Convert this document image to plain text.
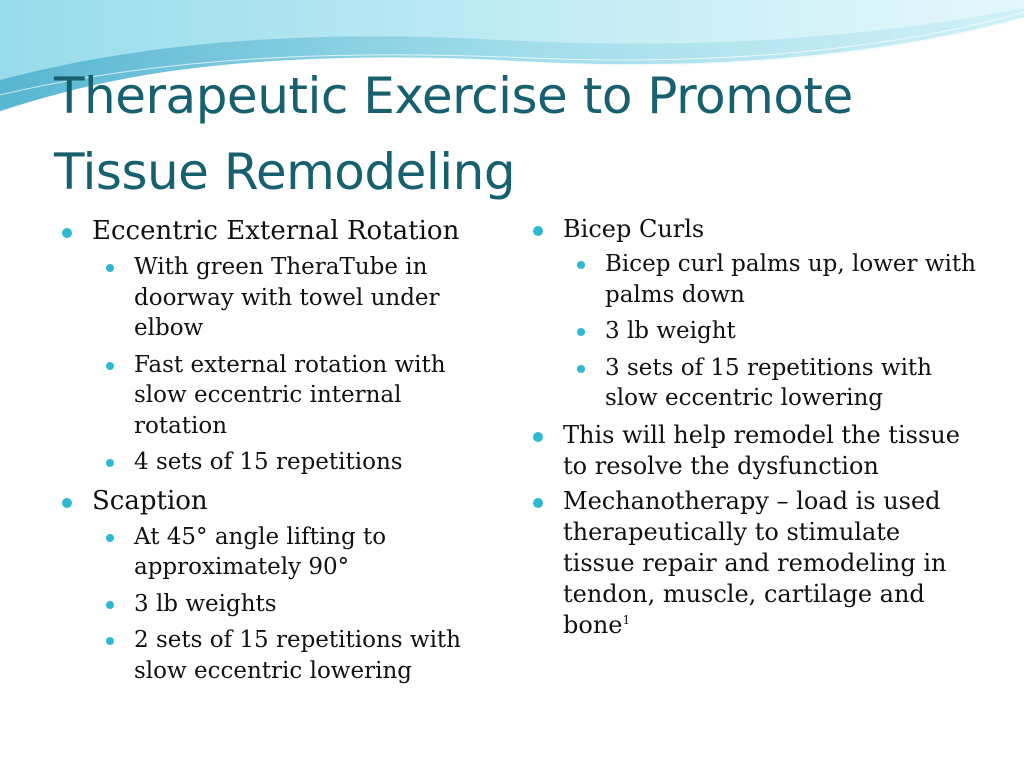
Therapeutic Exercise to Promote Tissue Remodeling
Eccentric External Rotation
With green TheraTube in doorway with towel under elbow
Fast external rotation with slow eccentric internal rotation
4 sets of 15 repetitions
Scaption
At 45° angle lifting to approximately 90°
3 lb weights
2 sets of 15 repetitions with slow eccentric lowering
Bicep Curls
Bicep curl palms up, lower with palms down
3 lb weight
3 sets of 15 repetitions with slow eccentric lowering
This will help remodel the tissue to resolve the dysfunction
Mechanotherapy – load is used therapeutically to stimulate tissue repair and remodeling in tendon, muscle, cartilage and bone$^1$
